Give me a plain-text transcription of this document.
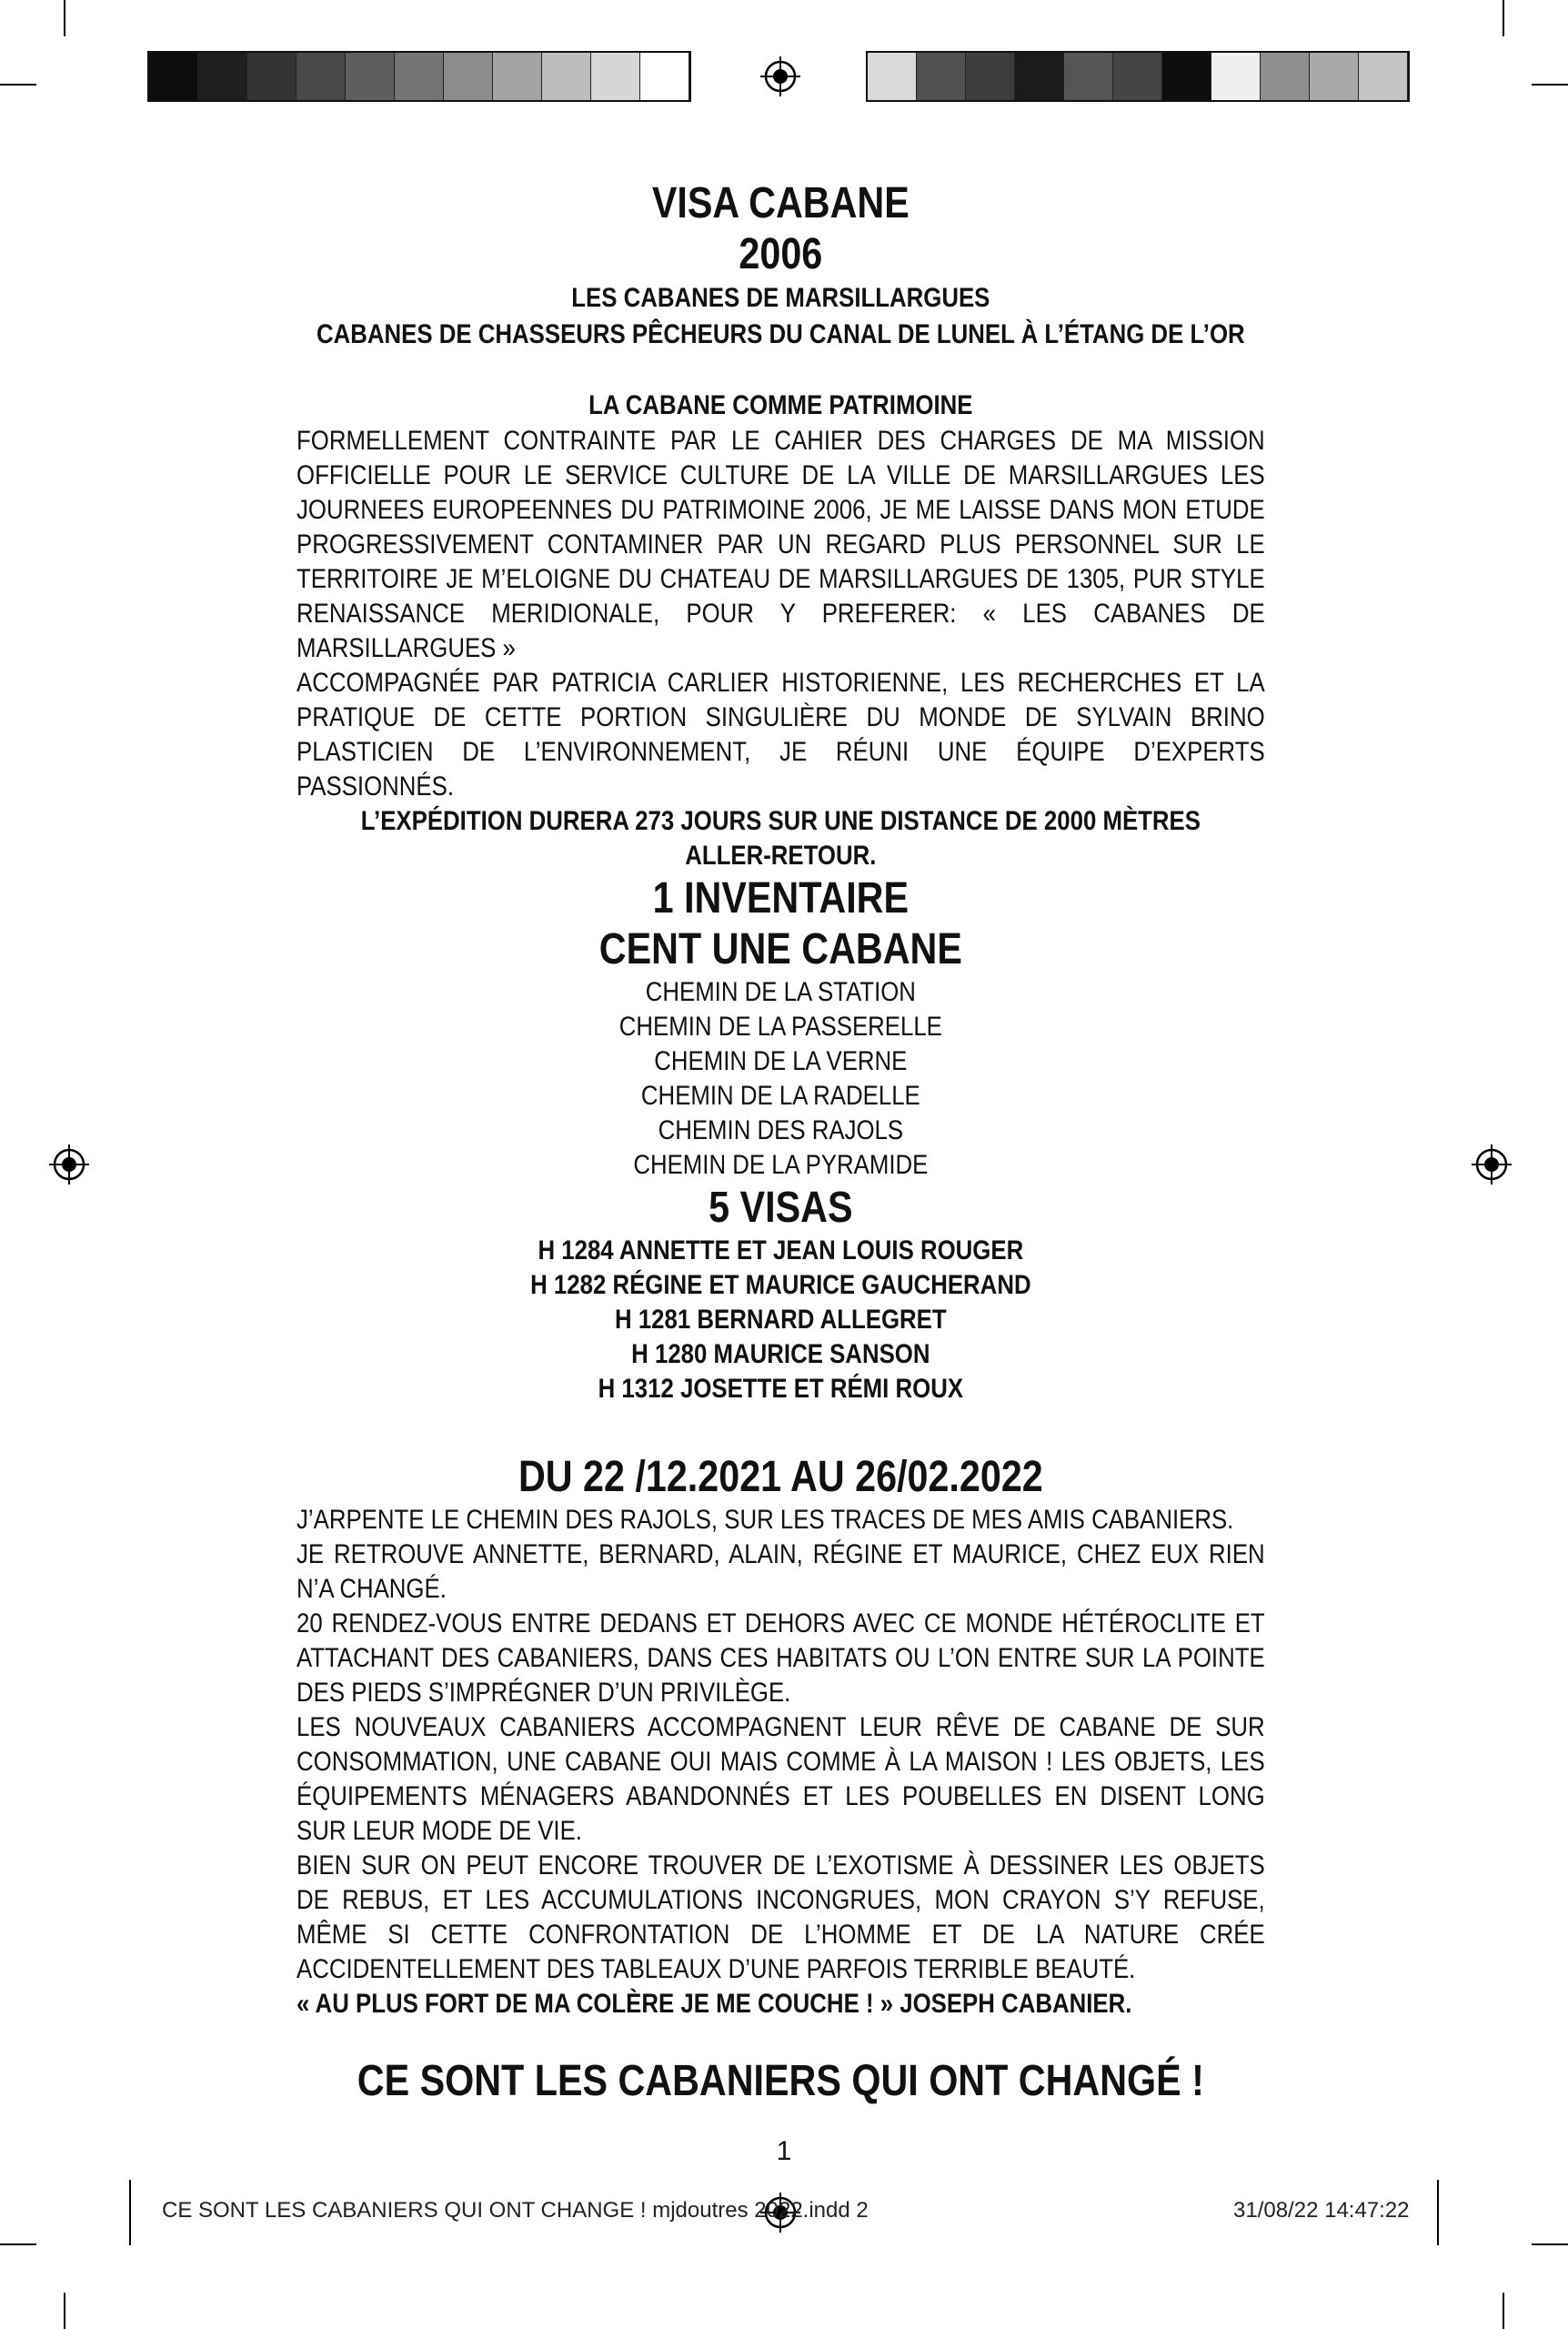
VISA CABANE
2006
LES CABANES DE MARSILLARGUES
CABANES DE CHASSEURS PÊCHEURS DU CANAL DE LUNEL À L’ÉTANG DE L’OR
LA CABANE COMME PATRIMOINE

FORMELLEMENT CONTRAINTE PAR LE CAHIER DES CHARGES DE MA MISSION OFFICIELLE POUR LE SERVICE CULTURE DE LA VILLE DE MARSILLARGUES LES JOURNEES EUROPEENNES DU PATRIMOINE 2006, JE ME LAISSE DANS MON ETUDE PROGRESSIVEMENT CONTAMINER PAR UN REGARD PLUS PERSONNEL SUR LE TERRITOIRE JE M’ELOIGNE DU CHATEAU DE MARSILLARGUES DE 1305, PUR STYLE RENAISSANCE MERIDIONALE, POUR Y PREFERER: « LES CABANES DE MARSILLARGUES »

ACCOMPAGNÉE PAR PATRICIA CARLIER HISTORIENNE, LES RECHERCHES ET LA PRATIQUE DE CETTE PORTION SINGULIÈRE DU MONDE DE SYLVAIN BRINO PLASTICIEN DE L’ENVIRONNEMENT, JE RÉUNI UNE ÉQUIPE D’EXPERTS PASSIONNÉS.

L’EXPÉDITION DURERA 273 JOURS SUR UNE DISTANCE DE 2000 MÈTRES
ALLER-RETOUR.
1 INVENTAIRE
CENT UNE CABANE
CHEMIN DE LA STATION
CHEMIN DE LA PASSERELLE
CHEMIN DE LA VERNE
CHEMIN DE LA RADELLE
CHEMIN DES RAJOLS
CHEMIN DE LA PYRAMIDE
5 VISAS
H 1284 ANNETTE ET JEAN LOUIS ROUGER
H 1282 RÉGINE ET MAURICE GAUCHERAND
H 1281 BERNARD ALLEGRET
H 1280 MAURICE SANSON
H 1312 JOSETTE ET RÉMI ROUX
DU 22 /12.2021 AU 26/02.2022

J’ARPENTE LE CHEMIN DES RAJOLS, SUR LES TRACES DE MES AMIS CABANIERS.

JE RETROUVE ANNETTE, BERNARD, ALAIN, RÉGINE ET MAURICE, CHEZ EUX RIEN N’A CHANGÉ.

20 RENDEZ-VOUS ENTRE DEDANS ET DEHORS AVEC CE MONDE HÉTÉROCLITE ET ATTACHANT DES CABANIERS, DANS CES HABITATS OU L’ON ENTRE SUR LA POINTE DES PIEDS S’IMPRÉGNER D’UN PRIVILÈGE.

LES NOUVEAUX CABANIERS ACCOMPAGNENT LEUR RÊVE DE CABANE DE SUR CONSOMMATION, UNE CABANE OUI MAIS COMME À LA MAISON ! LES OBJETS, LES ÉQUIPEMENTS MÉNAGERS ABANDONNÉS ET LES POUBELLES EN DISENT LONG SUR LEUR MODE DE VIE.

BIEN SUR ON PEUT ENCORE TROUVER DE L’EXOTISME À DESSINER LES OBJETS DE REBUS, ET LES ACCUMULATIONS INCONGRUES, MON CRAYON S’Y REFUSE, MÊME SI CETTE CONFRONTATION DE L’HOMME ET DE LA NATURE CRÉE ACCIDENTELLEMENT DES TABLEAUX D’UNE PARFOIS TERRIBLE BEAUTÉ.

« AU PLUS FORT DE MA COLÈRE JE ME COUCHE ! » JOSEPH CABANIER.
CE SONT LES CABANIERS QUI ONT CHANGÉ !
1
CE SONT LES CABANIERS QUI ONT CHANGE ! mjdoutres 2022.indd 2	31/08/22 14:47:22
